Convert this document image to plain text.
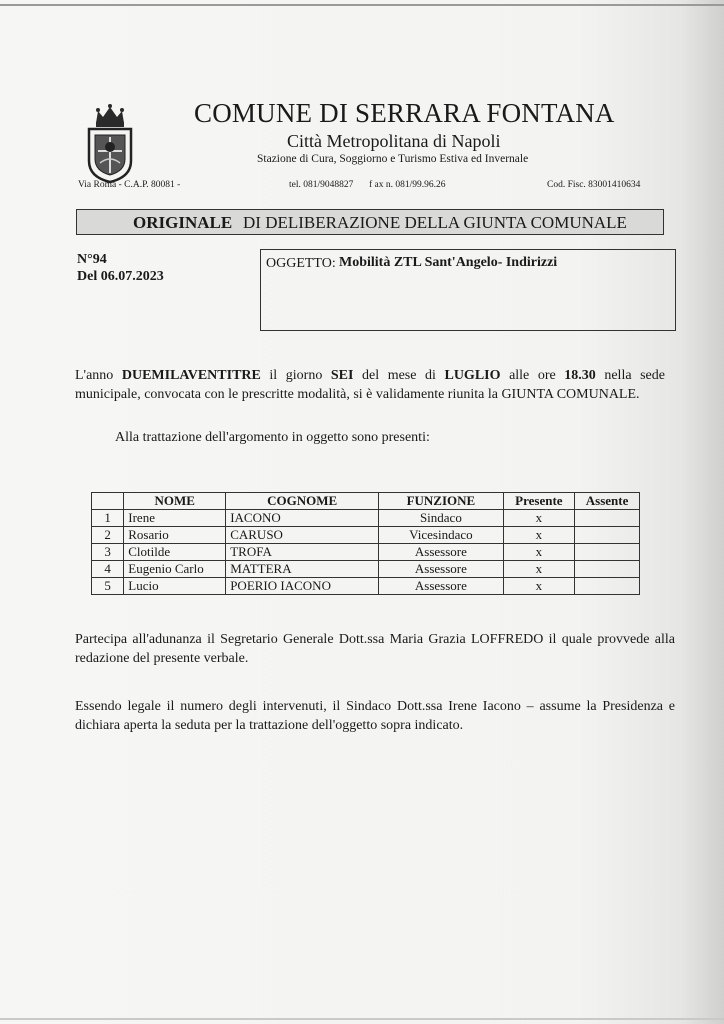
COMUNE DI SERRARA FONTANA
Città Metropolitana di Napoli
Stazione di Cura, Soggiorno e Turismo Estiva ed Invernale
Via Roma - C.A.P. 80081 -	tel. 081/9048827 f ax n. 081/99.96.26	Cod. Fisc. 83001410634
ORIGINALE DI DELIBERAZIONE DELLA GIUNTA COMUNALE
N°94
Del 06.07.2023
OGGETTO: Mobilità ZTL Sant'Angelo- Indirizzi
L'anno DUEMILAVENTITRE il giorno SEI del mese di LUGLIO alle ore 18.30 nella sede municipale, convocata con le prescritte modalità, si è validamente riunita la GIUNTA COMUNALE.
Alla trattazione dell'argomento in oggetto sono presenti:
	NOME	COGNOME	FUNZIONE	Presente	Assente
1	Irene	IACONO	Sindaco	x	
2	Rosario	CARUSO	Vicesindaco	x	
3	Clotilde	TROFA	Assessore	x	
4	Eugenio Carlo	MATTERA	Assessore	x	
5	Lucio	POERIO IACONO	Assessore	x	
Partecipa all'adunanza il Segretario Generale Dott.ssa Maria Grazia LOFFREDO il quale provvede alla redazione del presente verbale.
Essendo legale il numero degli intervenuti, il Sindaco Dott.ssa Irene Iacono – assume la Presidenza e dichiara aperta la seduta per la trattazione dell'oggetto sopra indicato.
